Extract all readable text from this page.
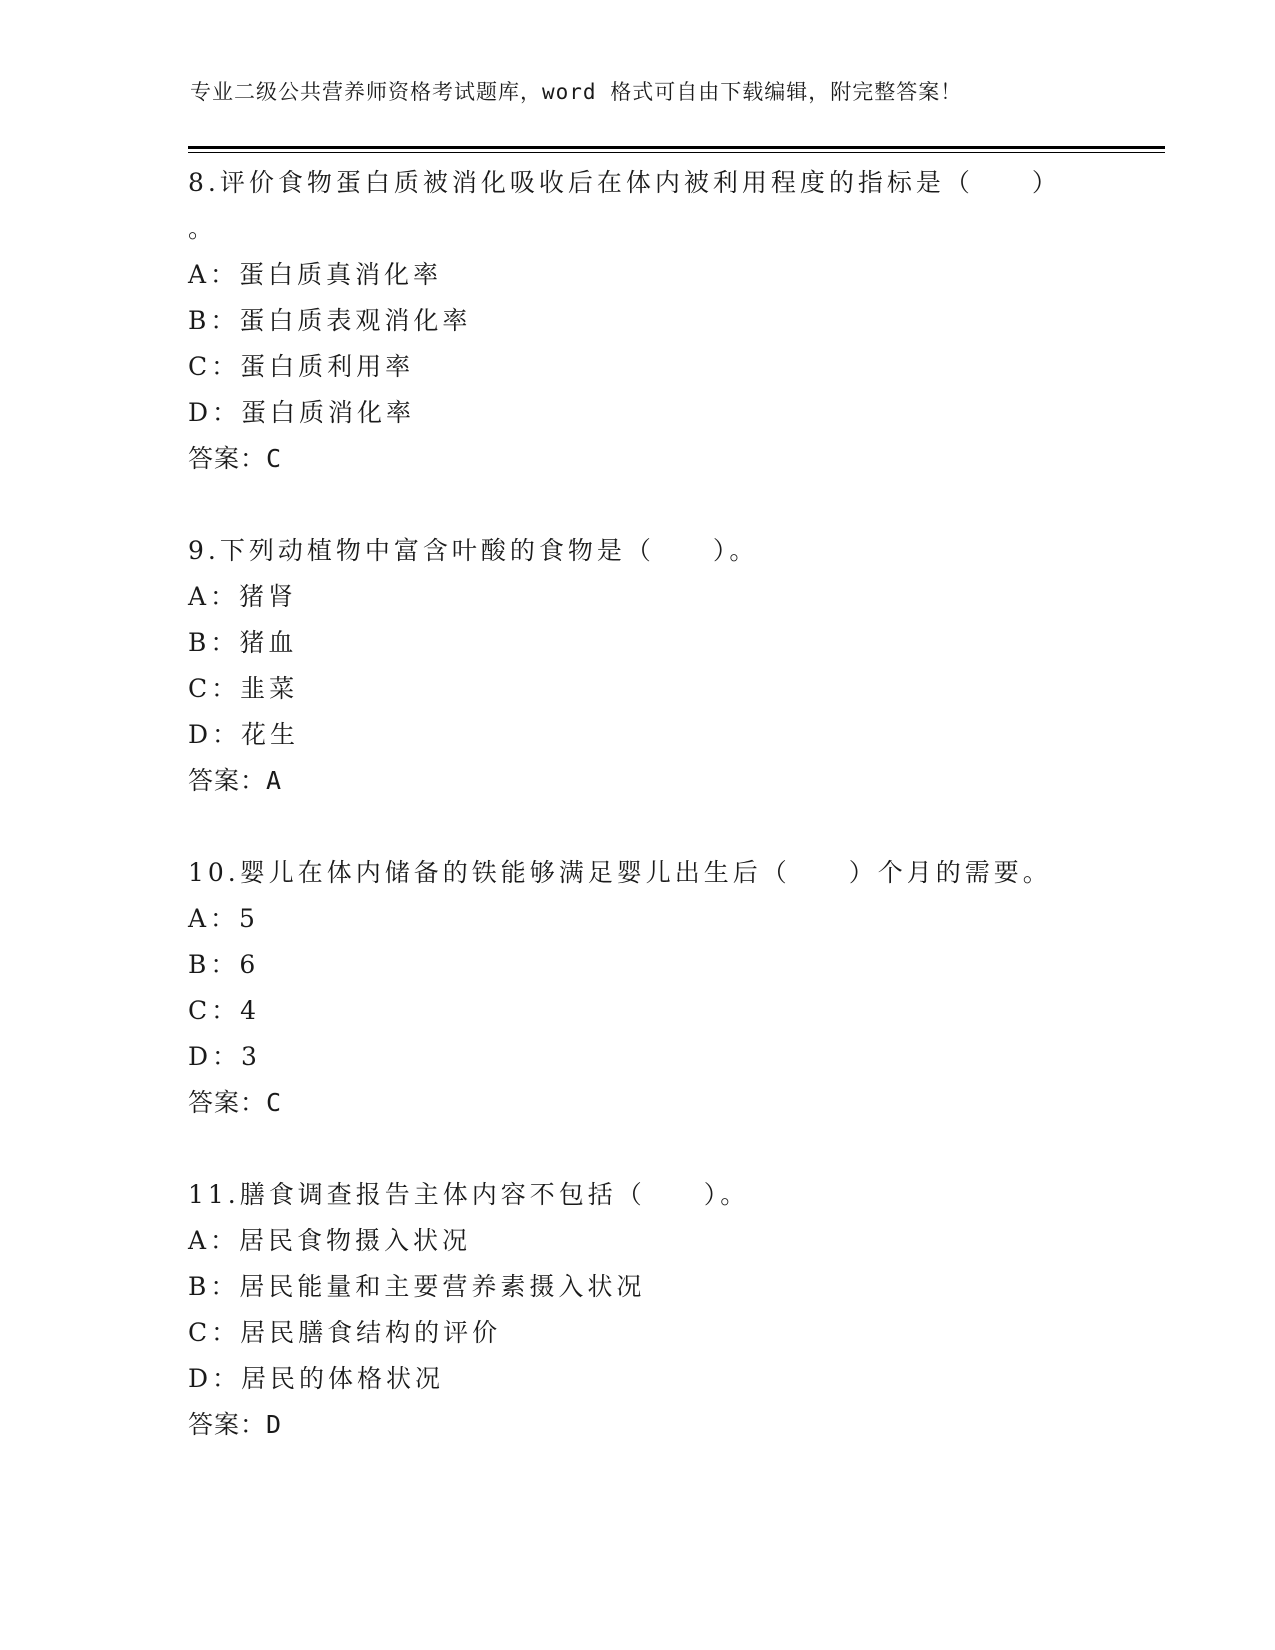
专业二级公共营养师资格考试题库，word 格式可自由下载编辑，附完整答案！
8.评价食物蛋白质被消化吸收后在体内被利用程度的指标是（　　）
。
A：蛋白质真消化率
B：蛋白质表观消化率
C：蛋白质利用率
D：蛋白质消化率
答案：C
9.下列动植物中富含叶酸的食物是（　　）。
A：猪肾
B：猪血
C：韭菜
D：花生
答案：A
10.婴儿在体内储备的铁能够满足婴儿出生后（　　）个月的需要。
A：5
B：6
C：4
D：3
答案：C
11.膳食调查报告主体内容不包括（　　）。
A：居民食物摄入状况
B：居民能量和主要营养素摄入状况
C：居民膳食结构的评价
D：居民的体格状况
答案：D
